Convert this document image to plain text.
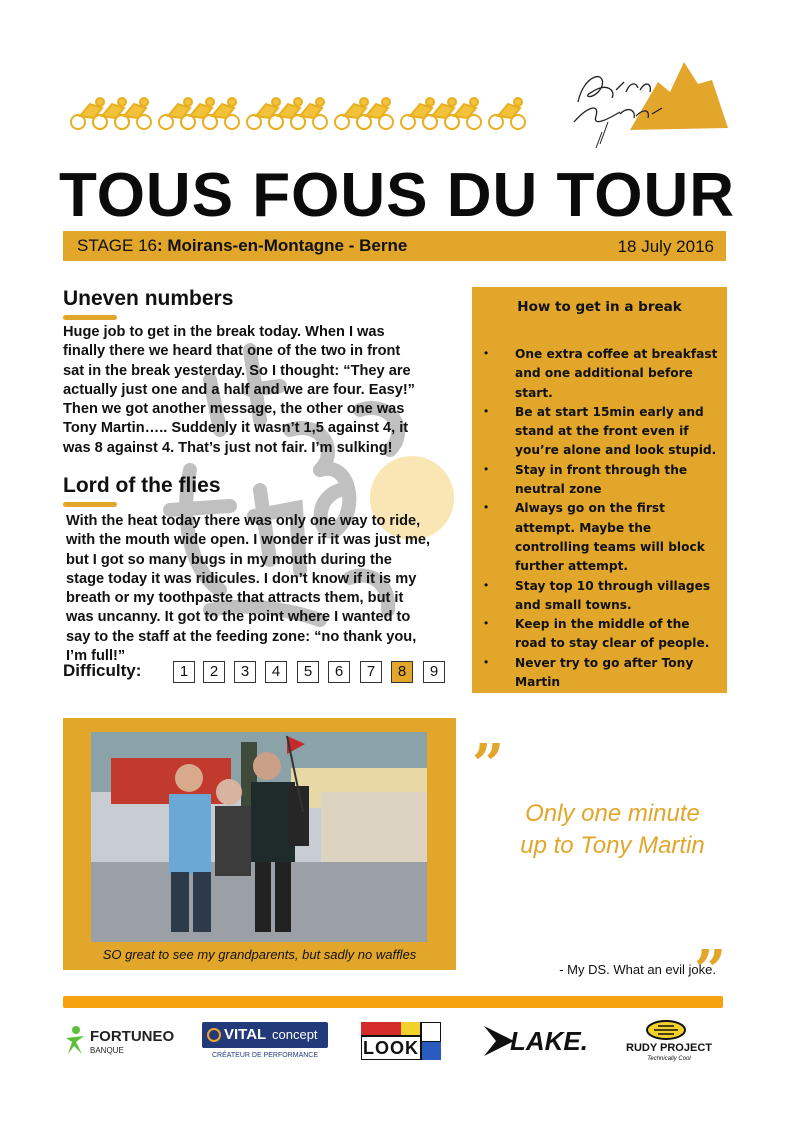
TOUS FOUS DU TOUR
STAGE 16: Moirans-en-Montagne - Berne	18 July 2016
Uneven numbers
Huge job to get in the break today. When I was
finally there we heard that one of the two in front
sat in the break yesterday. So I thought: “They are
actually just one and a half and we are four. Easy!”
Then we got another message, the other one was
Tony Martin….. Suddenly it wasn’t 1,5 against 4, it
was 8 against 4. That’s just not fair. I’m sulking!
Lord of the flies
With the heat today there was only one way to ride,
with the mouth wide open. I wonder if it was just me,
but I got so many bugs in my mouth during the
stage today it was ridicules. I don’t know if it is my
breath or my toothpaste that attracts them, but it
was uncanny. It got to the point where I wanted to
say to the staff at the feeding zone: “no thank you,
I’m full!”
Difficulty:	1	2	3	4	5	6	7	8	9
How to get in a break
• One extra coffee at breakfast
and one additional before
start.
• Be at start 15min early and
stand at the front even if
you’re alone and look stupid.
• Stay in front through the
neutral zone
• Always go on the first
attempt. Maybe the
controlling teams will block
further attempt.
• Stay top 10 through villages
and small towns.
• Keep in the middle of the
road to stay clear of people.
• Never try to go after Tony
Martin
SO great to see my grandparents, but sadly no waffles
„
Only one minute
up to Tony Martin
„
- My DS. What an evil joke.
FORTUNEO
BANQUE
VITAL concept
CRÉATEUR DE PERFORMANCE	LOOK	LAKE.	RUDY PROJECT
Technically Cool
